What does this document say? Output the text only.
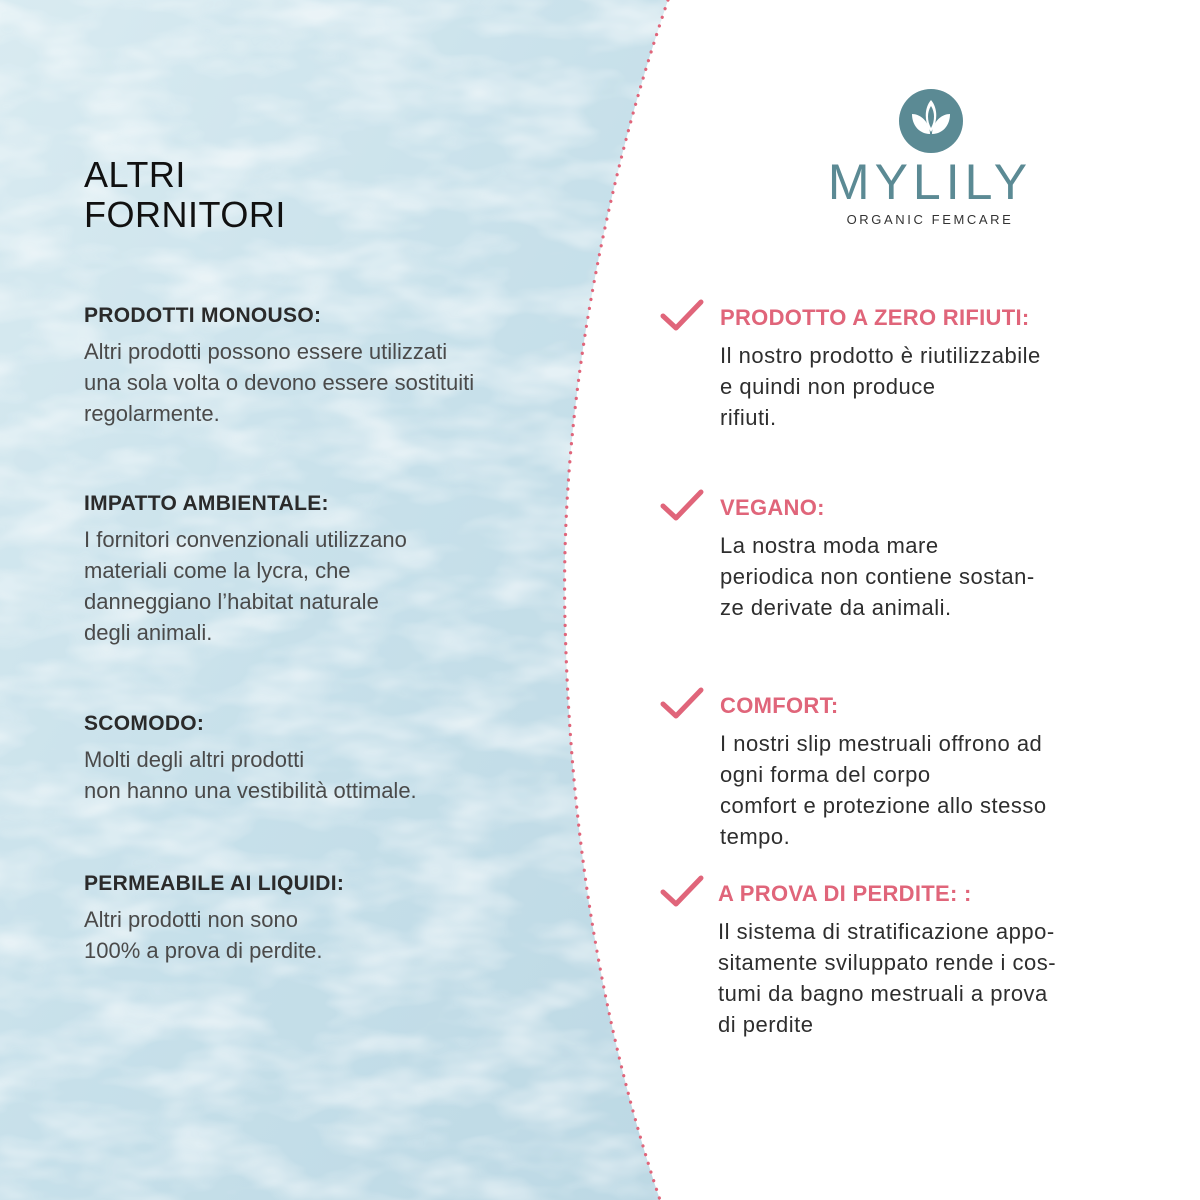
ALTRI
FORNITORI
PRODOTTI MONOUSO:
Altri prodotti possono essere utilizzati
una sola volta o devono essere sostituiti
regolarmente.
IMPATTO AMBIENTALE:
I fornitori convenzionali utilizzano
materiali come la lycra, che
danneggiano l’habitat naturale
degli animali.
SCOMODO:
Molti degli altri prodotti
non hanno una vestibilità ottimale.
PERMEABILE AI LIQUIDI:
Altri prodotti non sono
100% a prova di perdite.
MYLILY
ORGANIC FEMCARE
PRODOTTO A ZERO RIFIUTI:
Il nostro prodotto è riutilizzabile
e quindi non produce
rifiuti.
VEGANO:
La nostra moda mare
periodica non contiene sostan-
ze derivate da animali.
COMFORT:
I nostri slip mestruali offrono ad
ogni forma del corpo
comfort e protezione allo stesso
tempo.
A PROVA DI PERDITE: :
Il sistema di stratificazione appo-
sitamente sviluppato rende i cos-
tumi da bagno mestruali a prova
di perdite
